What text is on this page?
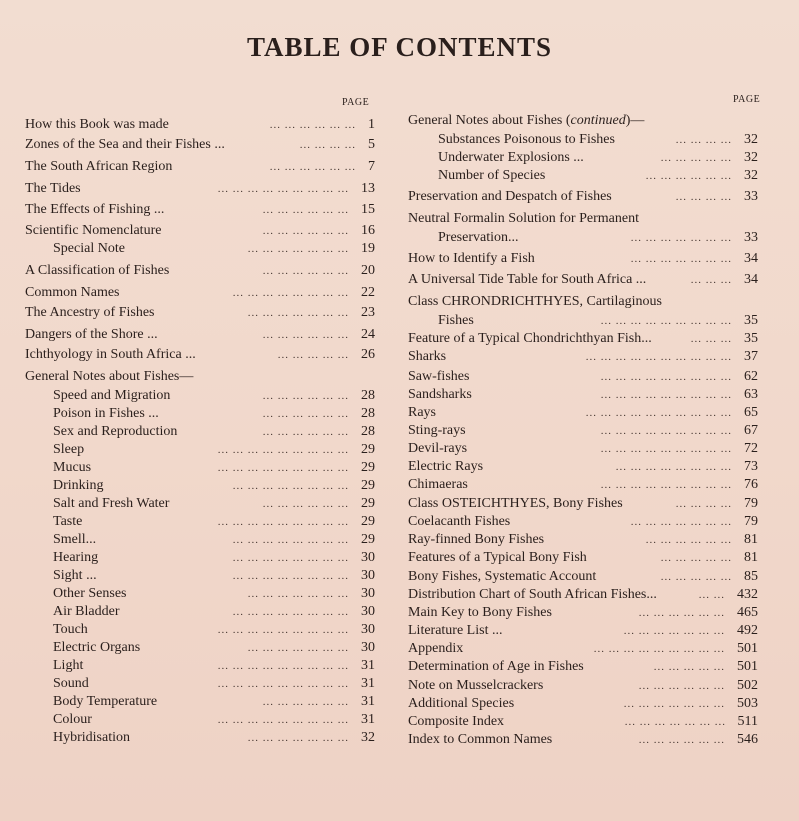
TABLE OF CONTENTS
PAGE
How this Book was made	1
... ... ... ... ... ...
Zones of the Sea and their Fishes ...	5
... ... ... ...
The South African Region	7
... ... ... ... ... ...
The Tides	13
... ... ... ... ... ... ... ... ...
The Effects of Fishing ...	15
... ... ... ... ... ...
Scientific Nomenclature	16
... ... ... ... ... ...
Special Note	19
... ... ... ... ... ... ...
A Classification of Fishes	20
... ... ... ... ... ...
Common Names	22
... ... ... ... ... ... ... ...
The Ancestry of Fishes	23
... ... ... ... ... ... ...
Dangers of the Shore ...	24
... ... ... ... ... ...
Ichthyology in South Africa ...	26
... ... ... ... ...
General Notes about Fishes—
Speed and Migration	28
... ... ... ... ... ...
Poison in Fishes ...	28
... ... ... ... ... ...
Sex and Reproduction	28
... ... ... ... ... ...
Sleep	29
... ... ... ... ... ... ... ... ...
Mucus	29
... ... ... ... ... ... ... ... ...
Drinking	29
... ... ... ... ... ... ... ...
Salt and Fresh Water	29
... ... ... ... ... ...
Taste	29
... ... ... ... ... ... ... ... ...
Smell...	29
... ... ... ... ... ... ... ...
Hearing	30
... ... ... ... ... ... ... ...
Sight ...	30
... ... ... ... ... ... ... ...
Other Senses	30
... ... ... ... ... ... ...
Air Bladder	30
... ... ... ... ... ... ... ...
Touch	30
... ... ... ... ... ... ... ... ...
Electric Organs	30
... ... ... ... ... ... ...
Light	31
... ... ... ... ... ... ... ... ...
Sound	31
... ... ... ... ... ... ... ... ...
Body Temperature	31
... ... ... ... ... ...
Colour	31
... ... ... ... ... ... ... ... ...
Hybridisation	32
... ... ... ... ... ... ...
PAGE
General Notes about Fishes (continued)—
Substances Poisonous to Fishes	32
... ... ... ...
Underwater Explosions ...	32
... ... ... ... ...
Number of Species	32
... ... ... ... ... ...
Preservation and Despatch of Fishes	33
... ... ... ...
Neutral Formalin Solution for Permanent
Preservation...	33
... ... ... ... ... ... ...
How to Identify a Fish	34
... ... ... ... ... ... ...
A Universal Tide Table for South Africa ...	34
... ... ...
Class CHRONDRICHTHYES, Cartilaginous
Fishes	35
... ... ... ... ... ... ... ... ...
Feature of a Typical Chondrichthyan Fish...	35
... ... ...
Sharks	37
... ... ... ... ... ... ... ... ... ...
Saw-fishes	62
... ... ... ... ... ... ... ... ...
Sandsharks	63
... ... ... ... ... ... ... ... ...
Rays	65
... ... ... ... ... ... ... ... ... ...
Sting-rays	67
... ... ... ... ... ... ... ... ...
Devil-rays	72
... ... ... ... ... ... ... ... ...
Electric Rays	73
... ... ... ... ... ... ... ...
Chimaeras	76
... ... ... ... ... ... ... ... ...
Class OSTEICHTHYES, Bony Fishes	79
... ... ... ...
Coelacanth Fishes	79
... ... ... ... ... ... ...
Ray-finned Bony Fishes	81
... ... ... ... ... ...
Features of a Typical Bony Fish	81
... ... ... ... ...
Bony Fishes, Systematic Account	85
... ... ... ... ...
Distribution Chart of South African Fishes...	432
... ...
Main Key to Bony Fishes	465
... ... ... ... ... ...
Literature List ...	492
... ... ... ... ... ... ...
Appendix	501
... ... ... ... ... ... ... ... ...
Determination of Age in Fishes	501
... ... ... ... ...
Note on Musselcrackers	502
... ... ... ... ... ...
Additional Species	503
... ... ... ... ... ... ...
Composite Index	511
... ... ... ... ... ... ...
Index to Common Names	546
... ... ... ... ... ...
